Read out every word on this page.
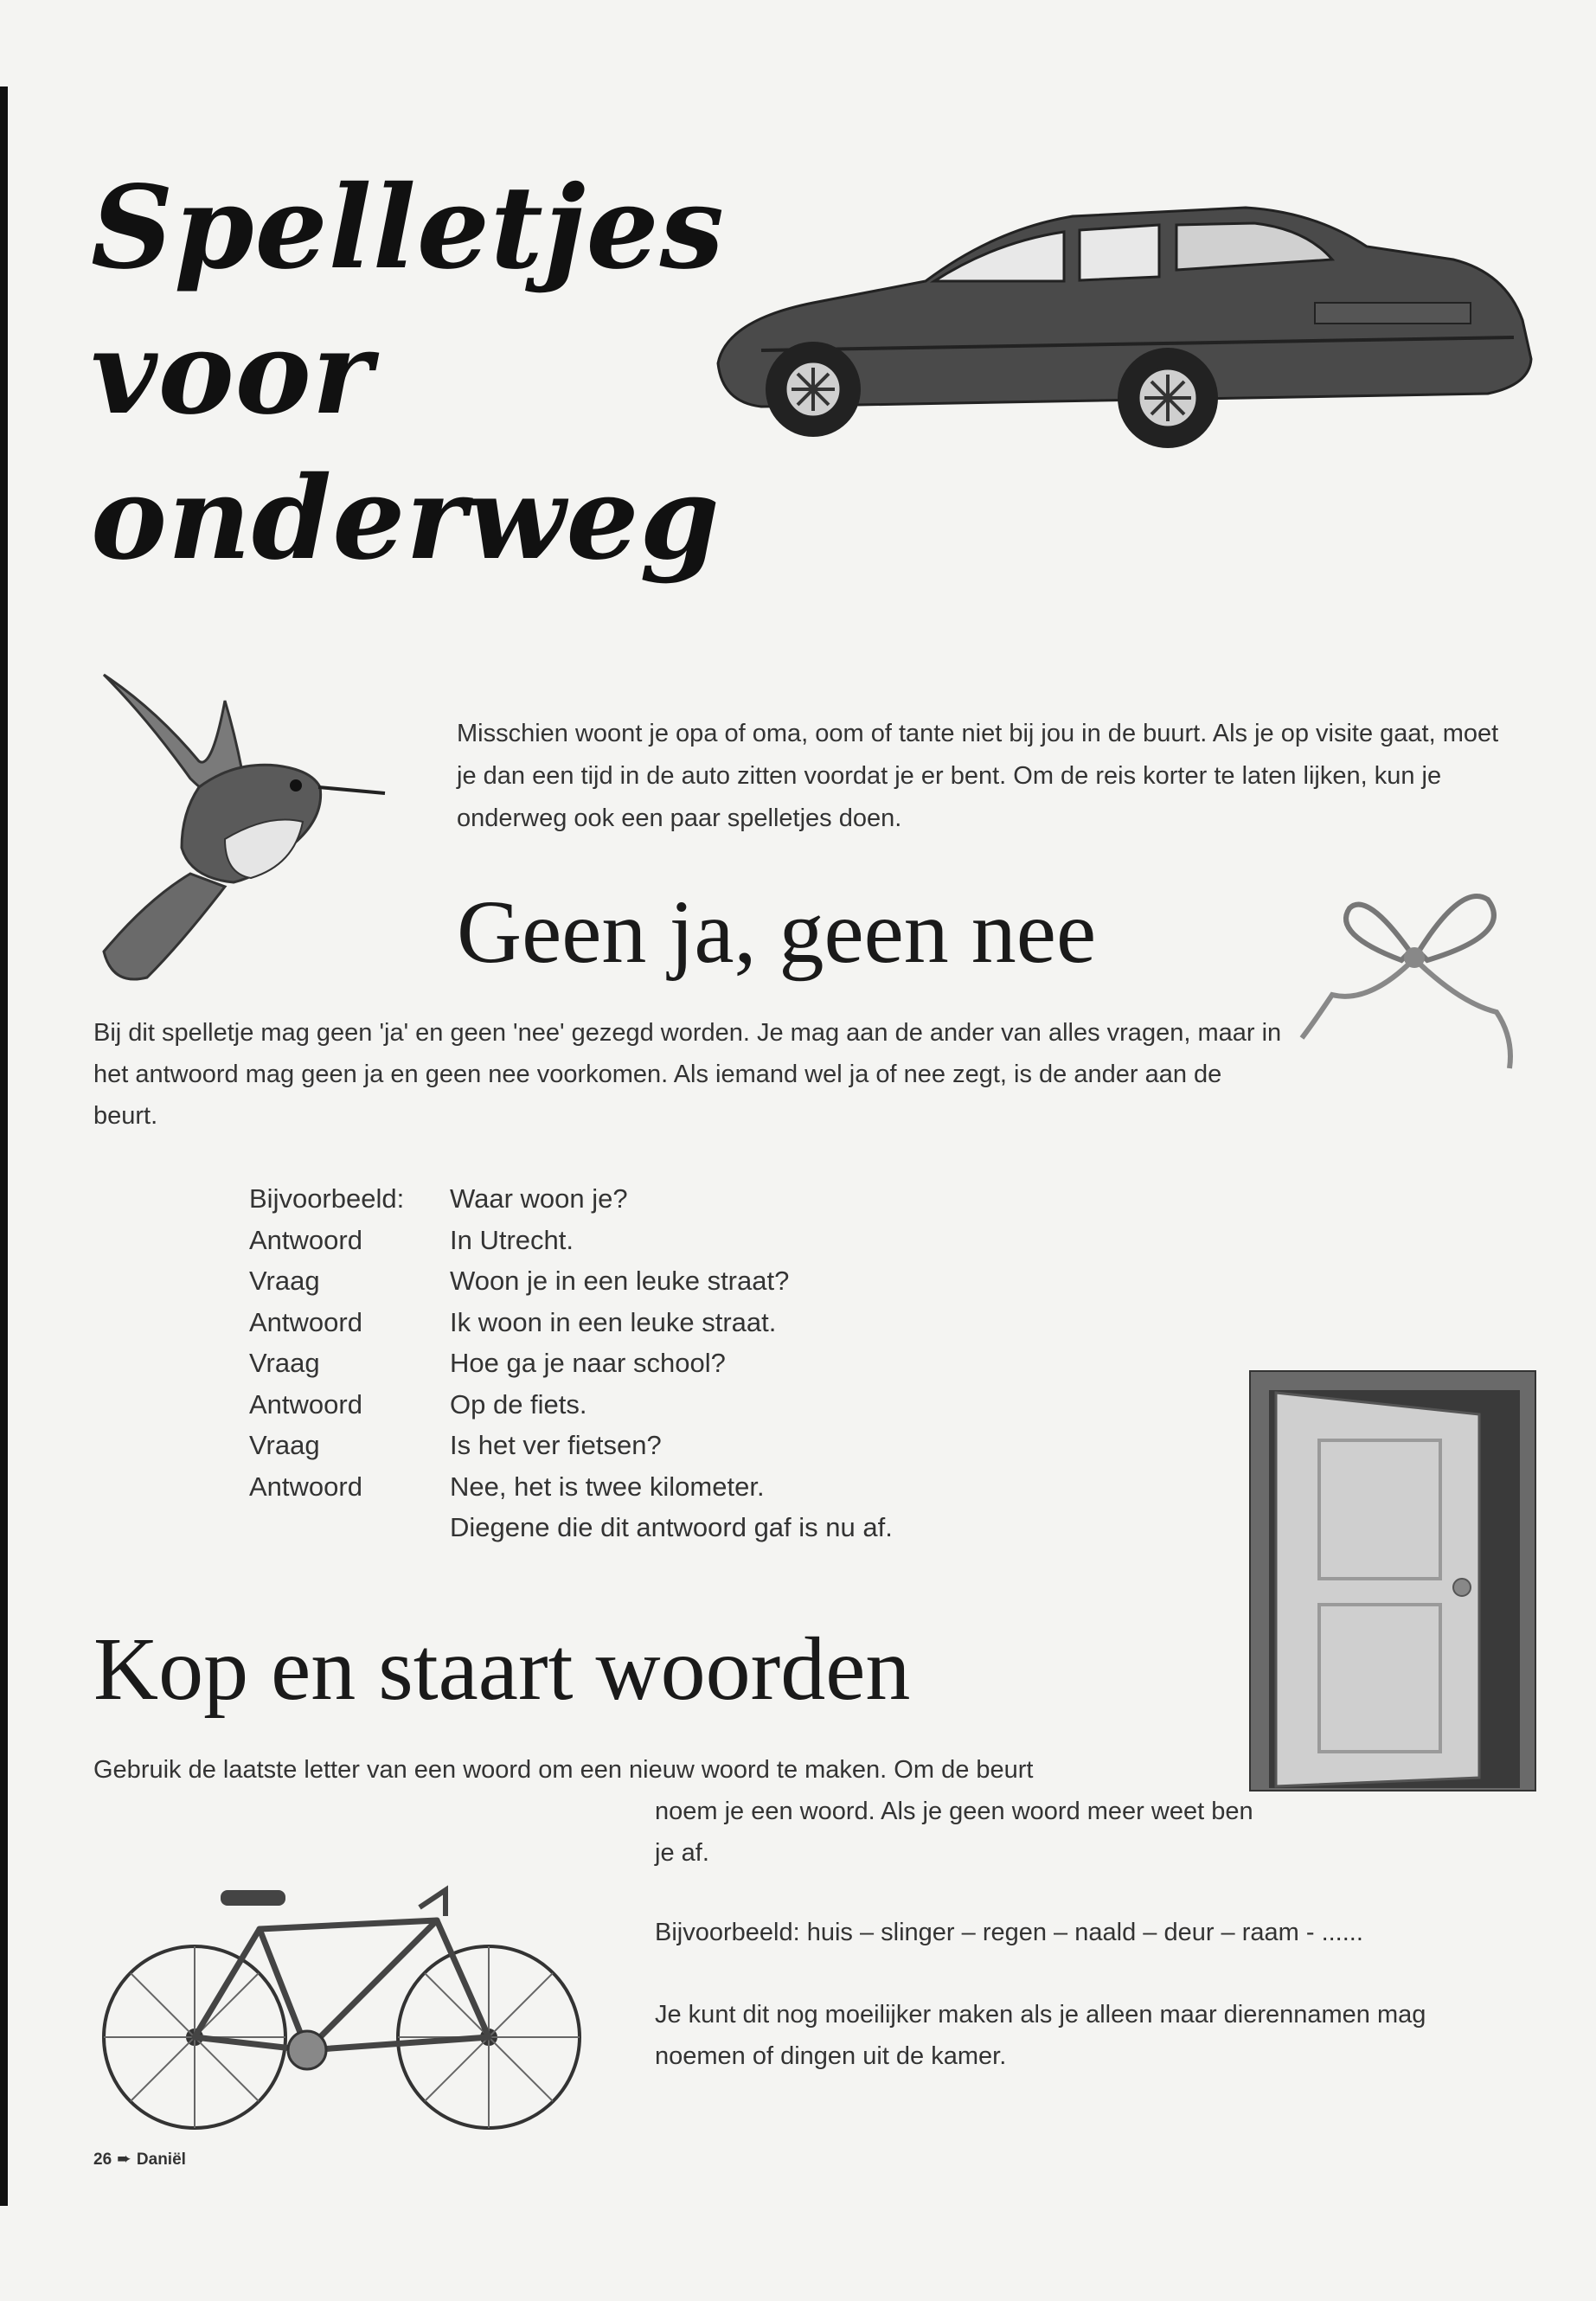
Spelletjes
voor
onderweg

Misschien woont je opa of oma, oom of tante niet bij jou in de buurt. Als je op visite gaat, moet je dan een tijd in de auto zitten voordat je er bent. Om de reis korter te laten lijken, kun je onderweg ook een paar spelletjes doen.

Geen ja, geen nee

Bij dit spelletje mag geen 'ja' en geen 'nee' gezegd worden. Je mag aan de ander van alles vragen, maar in het antwoord mag geen ja en geen nee voorkomen. Als iemand wel ja of nee zegt, is de ander aan de beurt.

Bijvoorbeeld:	Waar woon je?
Antwoord	In Utrecht.
Vraag	Woon je in een leuke straat?
Antwoord	Ik woon in een leuke straat.
Vraag	Hoe ga je naar school?
Antwoord	Op de fiets.
Vraag	Is het ver fietsen?
Antwoord	Nee, het is twee kilometer.
	Diegene die dit antwoord gaf is nu af.
Kop en staart woorden

Gebruik de laatste letter van een woord om een nieuw woord te maken. Om de beurt

noem je een woord. Als je geen woord meer weet ben je af.

Bijvoorbeeld: huis – slinger – regen – naald – deur – raam - ......

Je kunt dit nog moeilijker maken als je alleen maar dierennamen mag noemen of dingen uit de kamer.

26 ➨ Daniël
